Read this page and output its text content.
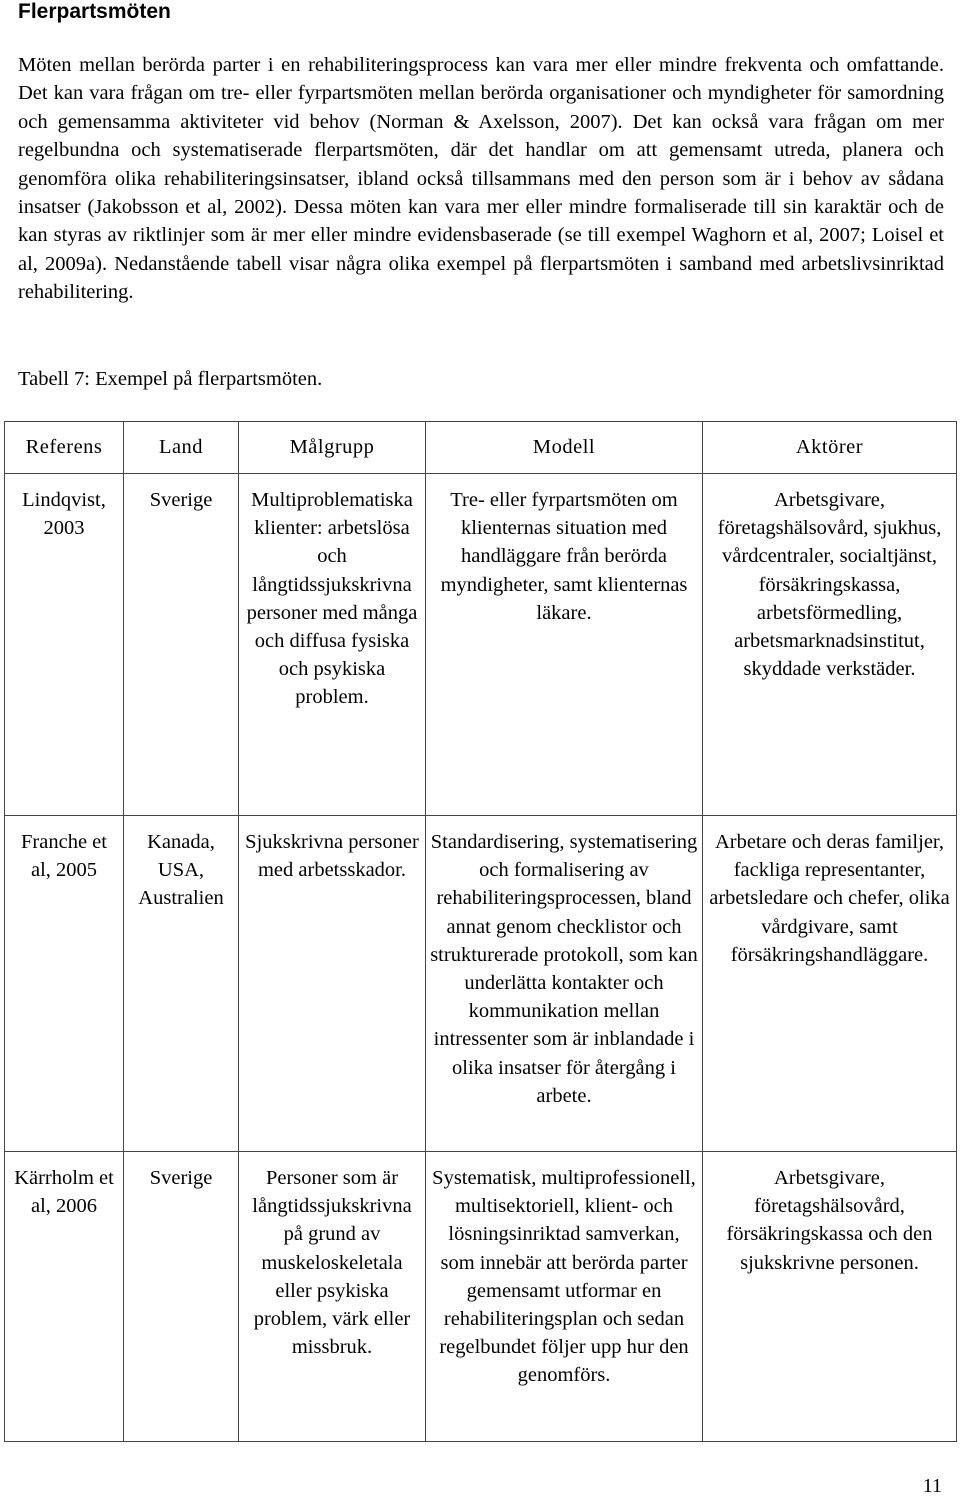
Flerpartsmöten

Möten mellan berörda parter i en rehabiliteringsprocess kan vara mer eller mindre frekventa och omfattande. Det kan vara frågan om tre- eller fyrpartsmöten mellan berörda organisationer och myndigheter för samordning och gemensamma aktiviteter vid behov (Norman & Axelsson, 2007). Det kan också vara frågan om mer regelbundna och systematiserade flerpartsmöten, där det handlar om att gemensamt utreda, planera och genomföra olika rehabiliteringsinsatser, ibland också tillsammans med den person som är i behov av sådana insatser (Jakobsson et al, 2002). Dessa möten kan vara mer eller mindre formaliserade till sin karaktär och de kan styras av riktlinjer som är mer eller mindre evidensbaserade (se till exempel Waghorn et al, 2007; Loisel et al, 2009a). Nedanstående tabell visar några olika exempel på flerpartsmöten i samband med arbetslivsinriktad rehabilitering.

Tabell 7: Exempel på flerpartsmöten.

Referens	Land	Målgrupp	Modell	Aktörer

Lindqvist, 2003	Sverige	Multiproblematiska klienter: arbetslösa och långtidssjukskrivna personer med många och diffusa fysiska och psykiska problem.	Tre- eller fyrpartsmöten om klienternas situation med handläggare från berörda myndigheter, samt klienternas läkare.	Arbetsgivare, företagshälsovård, sjukhus, vårdcentraler, socialtjänst, försäkringskassa, arbetsförmedling, arbetsmarknadsinstitut, skyddade verkstäder.

Franche et al, 2005	Kanada, USA, Australien	Sjukskrivna personer med arbetsskador.	Standardisering, systematisering och formalisering av rehabiliteringsprocessen, bland annat genom checklistor och strukturerade protokoll, som kan underlätta kontakter och kommunikation mellan intressenter som är inblandade i olika insatser för återgång i arbete.	Arbetare och deras familjer, fackliga representanter, arbetsledare och chefer, olika vårdgivare, samt försäkringshandläggare.

Kärrholm et al, 2006	Sverige	Personer som är långtidssjukskrivna på grund av muskeloskeletala eller psykiska problem, värk eller missbruk.	Systematisk, multiprofessionell, multisektoriell, klient- och lösningsinriktad samverkan, som innebär att berörda parter gemensamt utformar en rehabiliteringsplan och sedan regelbundet följer upp hur den genomförs.	Arbetsgivare, företagshälsovård, försäkringskassa och den sjukskrivne personen.
11
